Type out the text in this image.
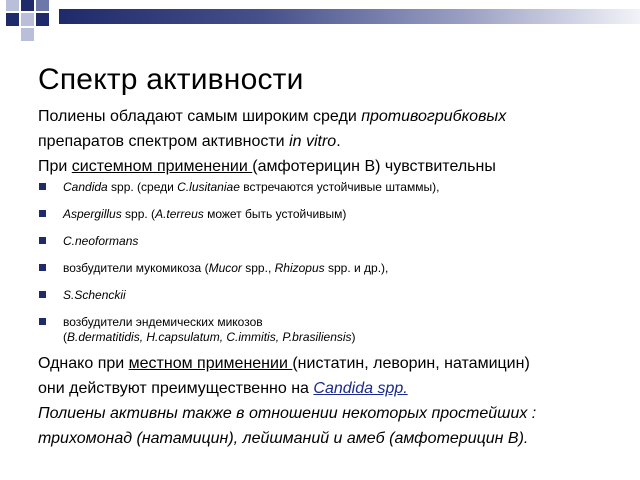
Спектр активности

Полиены обладают самым широким среди противогрибковых

препаратов спектром активности in vitro.

При системном применении (амфотерицин В) чувствительны

Candida spp. (среди C.lusitaniae встречаются устойчивые штаммы),
Aspergillus spp. (A.terreus может быть устойчивым)
C.neoformans
возбудители мукомикоза (Mucor spp., Rhizopus spp. и др.),
S.Schenckii
возбудители эндемических микозов
(B.dermatitidis, H.capsulatum, C.immitis, P.brasiliensis)

Однако при местном применении (нистатин, леворин, натамицин)

они действуют преимущественно на Candida spp.

Полиены активны также в отношении некоторых простейших :

трихомонад (натамицин), лейшманий и амеб (амфотерицин В).
